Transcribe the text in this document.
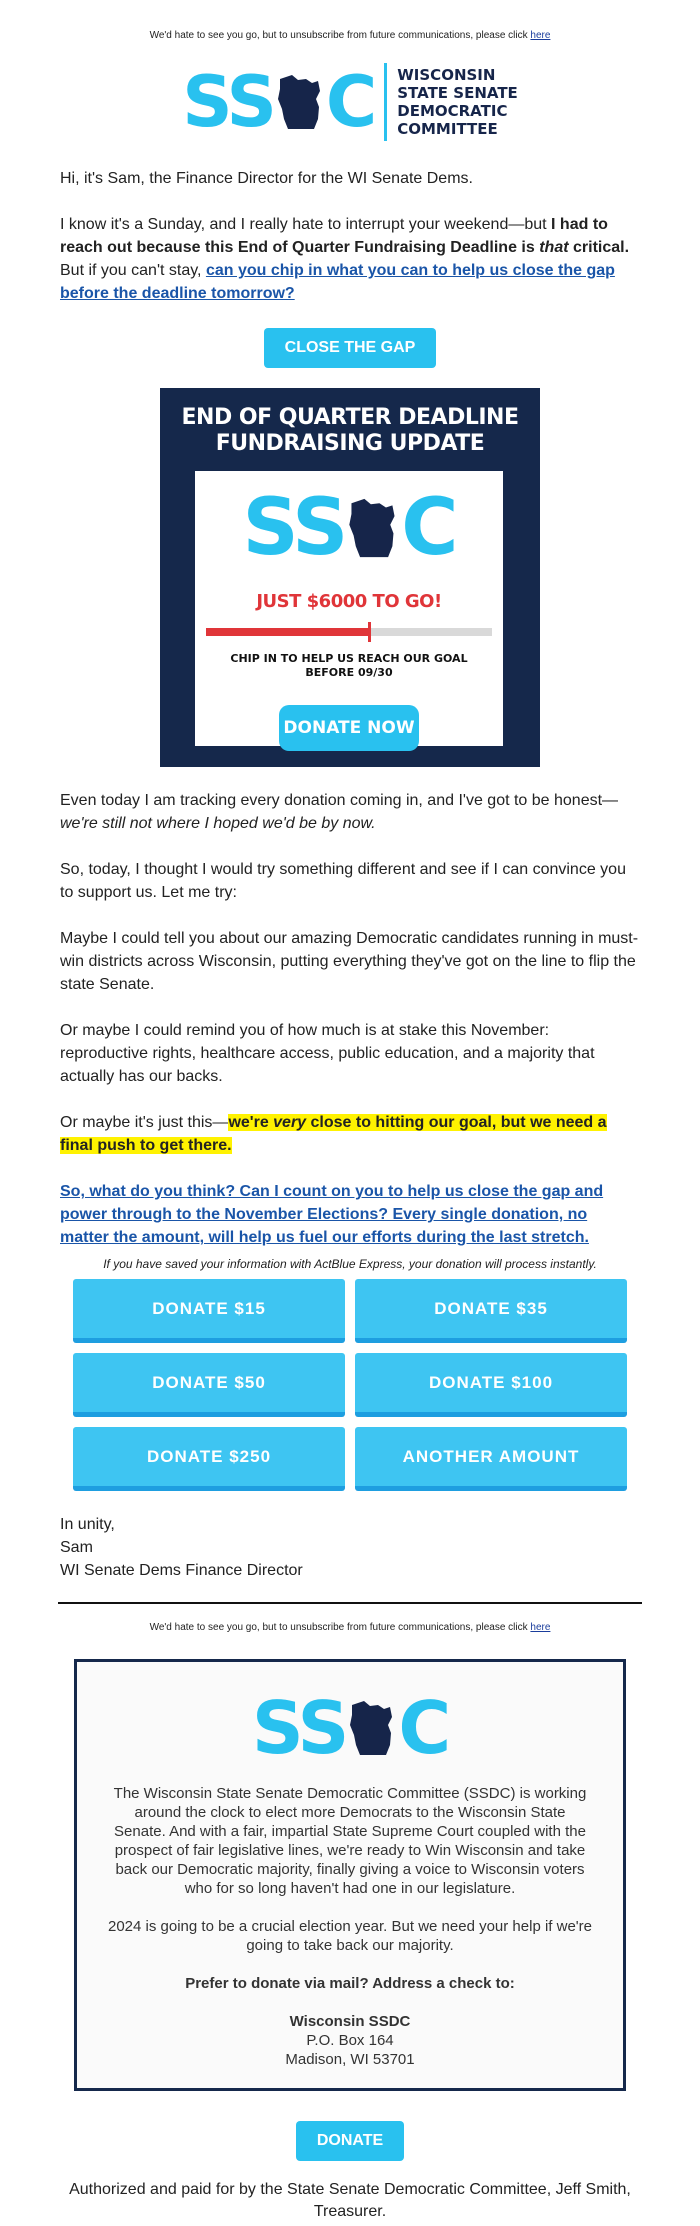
We'd hate to see you go, but to unsubscribe from future communications, please click here
SS C WISCONSIN
STATE SENATE
DEMOCRATIC
COMMITTEE

Hi, it's Sam, the Finance Director for the WI Senate Dems.

I know it's a Sunday, and I really hate to interrupt your weekend—but I had to reach out because this End of Quarter Fundraising Deadline is that critical. But if you can't stay, can you chip in what you can to help us close the gap before the deadline tomorrow?

CLOSE THE GAP
END OF QUARTER DEADLINE
FUNDRAISING UPDATE
SS C
JUST $6000 TO GO!
CHIP IN TO HELP US REACH OUR GOAL
BEFORE 09/30
DONATE NOW

Even today I am tracking every donation coming in, and I've got to be honest—we're still not where I hoped we'd be by now.

So, today, I thought I would try something different and see if I can convince you to support us. Let me try:

Maybe I could tell you about our amazing Democratic candidates running in must-win districts across Wisconsin, putting everything they've got on the line to flip the state Senate.

Or maybe I could remind you of how much is at stake this November: reproductive rights, healthcare access, public education, and a majority that actually has our backs.

Or maybe it's just this—we're very close to hitting our goal, but we need a final push to get there.

So, what do you think? Can I count on you to help us close the gap and power through to the November Elections? Every single donation, no matter the amount, will help us fuel our efforts during the last stretch.

If you have saved your information with ActBlue Express, your donation will process instantly.
DONATE $15	DONATE $35
DONATE $50	DONATE $100
DONATE $250	ANOTHER AMOUNT
In unity,
Sam
WI Senate Dems Finance Director
We'd hate to see you go, but to unsubscribe from future communications, please click here
SS C
The Wisconsin State Senate Democratic Committee (SSDC) is working around the clock to elect more Democrats to the Wisconsin State Senate. And with a fair, impartial State Supreme Court coupled with the prospect of fair legislative lines, we're ready to Win Wisconsin and take back our Democratic majority, finally giving a voice to Wisconsin voters who for so long haven't had one in our legislature.
2024 is going to be a crucial election year. But we need your help if we're going to take back our majority.
Prefer to donate via mail? Address a check to:
Wisconsin SSDC
P.O. Box 164
Madison, WI 53701
DONATE
Authorized and paid for by the State Senate Democratic Committee, Jeff Smith, Treasurer.
